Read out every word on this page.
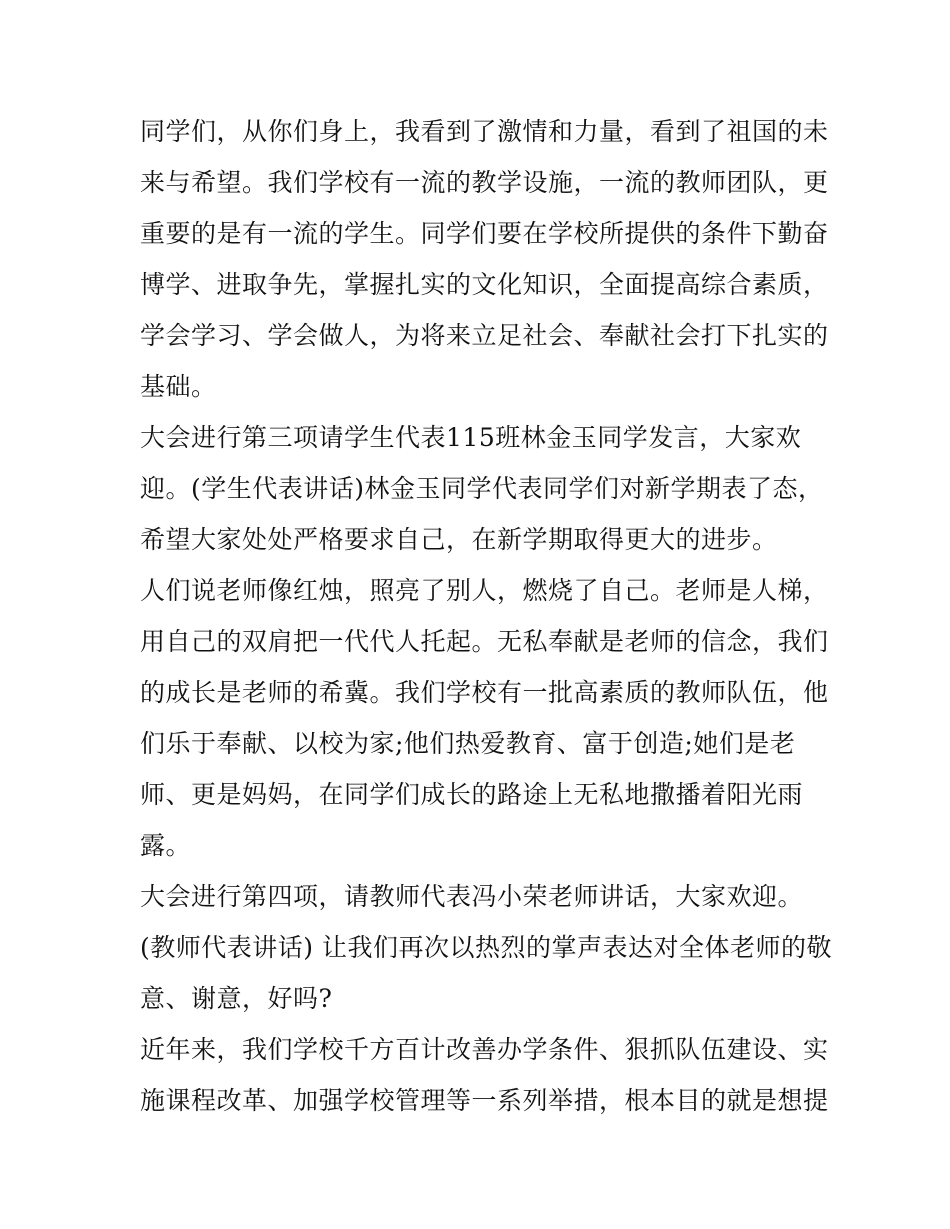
同学们，从你们身上，我看到了激情和力量，看到了祖国的未
来与希望。我们学校有一流的教学设施，一流的教师团队，更
重要的是有一流的学生。同学们要在学校所提供的条件下勤奋
博学、进取争先，掌握扎实的文化知识，全面提高综合素质，
学会学习、学会做人，为将来立足社会、奉献社会打下扎实的
基础。
大会进行第三项请学生代表115班林金玉同学发言，大家欢
迎。(学生代表讲话)林金玉同学代表同学们对新学期表了态，
希望大家处处严格要求自己，在新学期取得更大的进步。
人们说老师像红烛，照亮了别人，燃烧了自己。老师是人梯，
用自己的双肩把一代代人托起。无私奉献是老师的信念，我们
的成长是老师的希冀。我们学校有一批高素质的教师队伍，他
们乐于奉献、以校为家;他们热爱教育、富于创造;她们是老
师、更是妈妈，在同学们成长的路途上无私地撒播着阳光雨
露。
大会进行第四项，请教师代表冯小荣老师讲话，大家欢迎。
(教师代表讲话) 让我们再次以热烈的掌声表达对全体老师的敬
意、谢意，好吗?
近年来，我们学校千方百计改善办学条件、狠抓队伍建设、实
施课程改革、加强学校管理等一系列举措，根本目的就是想提
